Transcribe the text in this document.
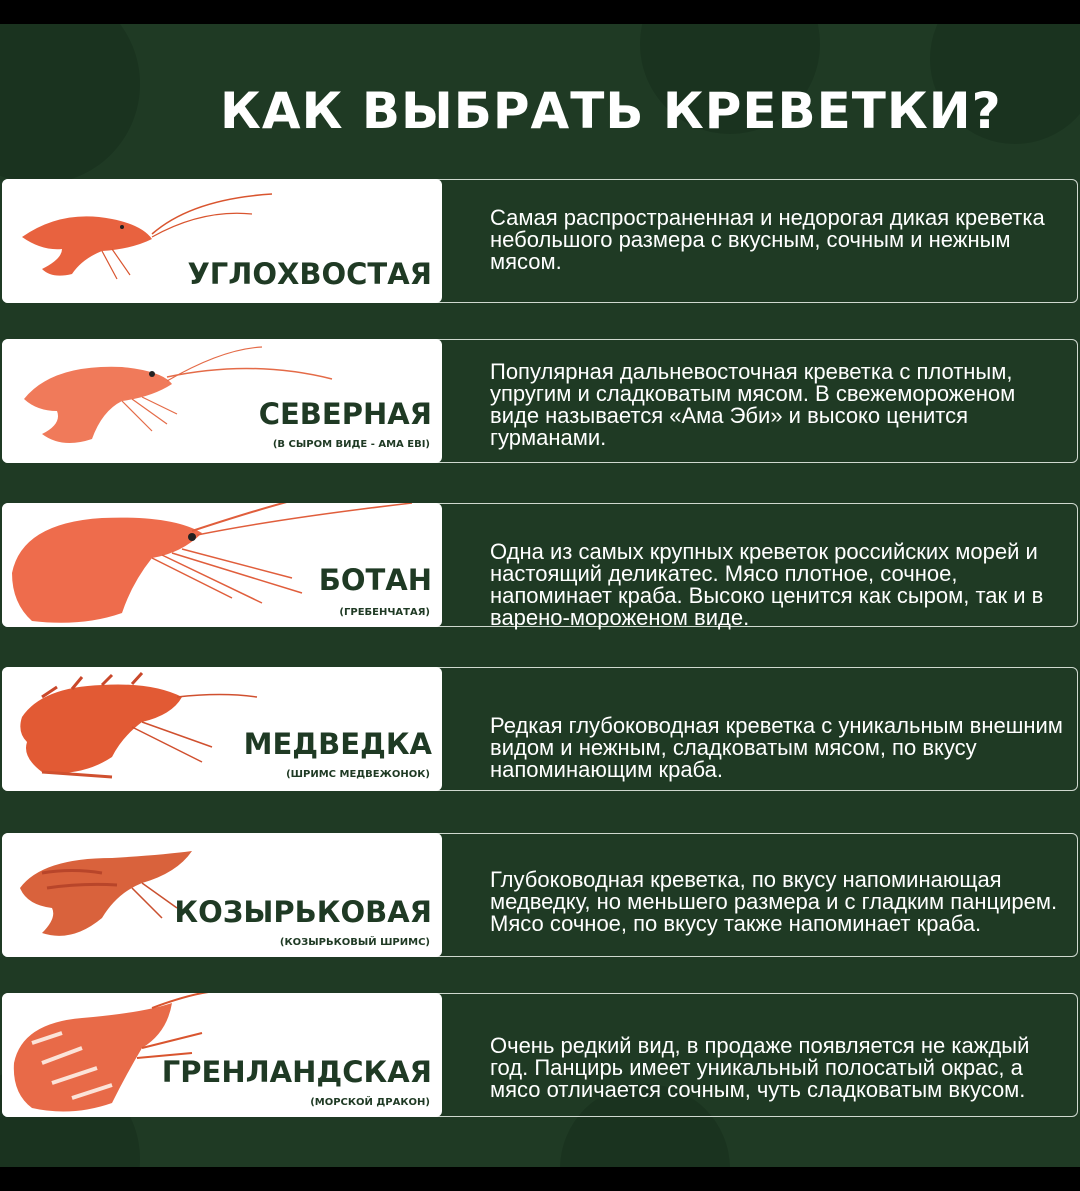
КАК ВЫБРАТЬ КРЕВЕТКИ?
УГЛОХВОСТАЯ
Самая распространенная и недорогая дикая креветка небольшого размера с вкусным, сочным и нежным мясом.
СЕВЕРНАЯ
(В СЫРОМ ВИДЕ - АМА ЕВI)
Популярная дальневосточная креветка с плотным, упругим и сладковатым мясом. В свежемороженом виде называется «Ама Эби» и высоко ценится гурманами.
БОТАН
(ГРЕБЕНЧАТАЯ)
Одна из самых крупных креветок российских морей и настоящий деликатес. Мясо плотное, сочное, напоминает краба. Высоко ценится как сыром, так и в варено-мороженом виде.
МЕДВЕДКА
(ШРИМС МЕДВЕЖОНОК)
Редкая глубоководная креветка с уникальным внешним видом и нежным, сладковатым мясом, по вкусу напоминающим краба.
КОЗЫРЬКОВАЯ
(КОЗЫРЬКОВЫЙ ШРИМС)
Глубоководная креветка, по вкусу напоминающая медведку, но меньшего размера и с гладким панцирем. Мясо сочное, по вкусу также напоминает краба.
ГРЕНЛАНДСКАЯ
(МОРСКОЙ ДРАКОН)
Очень редкий вид, в продаже появляется не каждый год. Панцирь имеет уникальный полосатый окрас, а мясо отличается сочным, чуть сладковатым вкусом.
